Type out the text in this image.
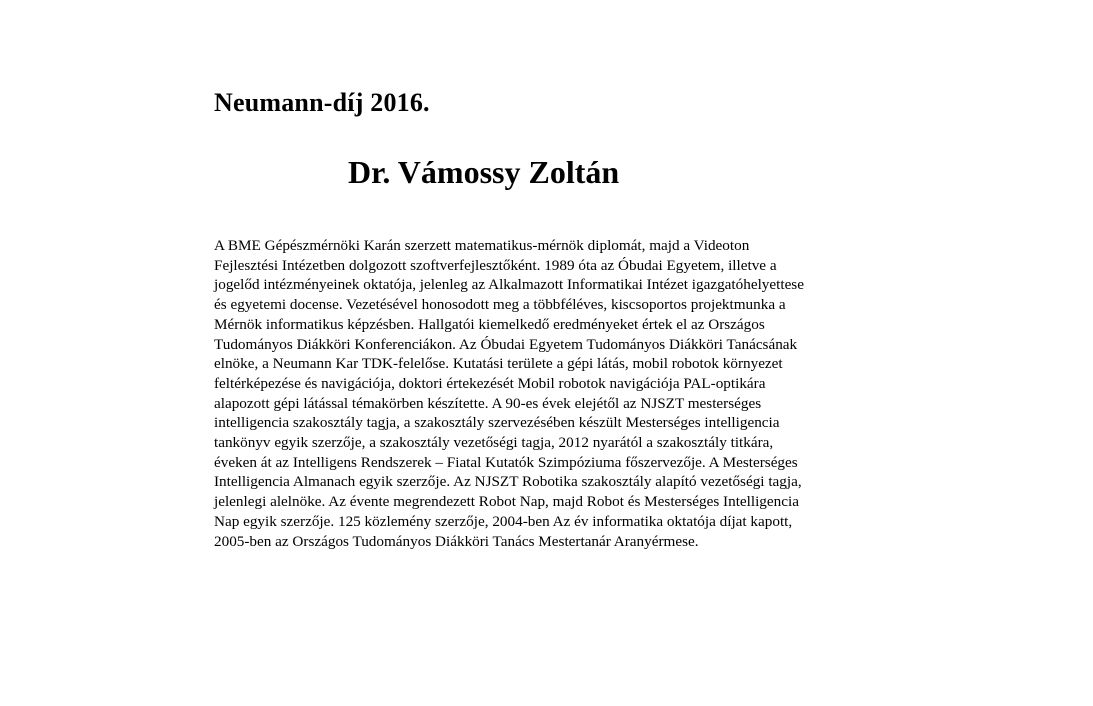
Neumann-díj 2016.
Dr. Vámossy Zoltán
A BME Gépészmérnöki Karán szerzett matematikus-mérnök diplomát, majd a Videoton
Fejlesztési Intézetben dolgozott szoftverfejlesztőként. 1989 óta az Óbudai Egyetem, illetve a
jogelőd intézményeinek oktatója, jelenleg az Alkalmazott Informatikai Intézet igazgatóhelyettese
és egyetemi docense. Vezetésével honosodott meg a többféléves, kiscsoportos projektmunka a
Mérnök informatikus képzésben. Hallgatói kiemelkedő eredményeket értek el az Országos
Tudományos Diákköri Konferenciákon. Az Óbudai Egyetem Tudományos Diákköri Tanácsának
elnöke, a Neumann Kar TDK-felelőse. Kutatási területe a gépi látás, mobil robotok környezet
feltérképezése és navigációja, doktori értekezését Mobil robotok navigációja PAL-optikára
alapozott gépi látással témakörben készítette. A 90-es évek elejétől az NJSZT mesterséges
intelligencia szakosztály tagja, a szakosztály szervezésében készült Mesterséges intelligencia
tankönyv egyik szerzője, a szakosztály vezetőségi tagja, 2012 nyarától a szakosztály titkára,
éveken át az Intelligens Rendszerek – Fiatal Kutatók Szimpóziuma főszervezője. A Mesterséges
Intelligencia Almanach egyik szerzője. Az NJSZT Robotika szakosztály alapító vezetőségi tagja,
jelenlegi alelnöke. Az évente megrendezett Robot Nap, majd Robot és Mesterséges Intelligencia
Nap egyik szerzője. 125 közlemény szerzője, 2004-ben Az év informatika oktatója díjat kapott,
2005-ben az Országos Tudományos Diákköri Tanács Mestertanár Aranyérmese.
